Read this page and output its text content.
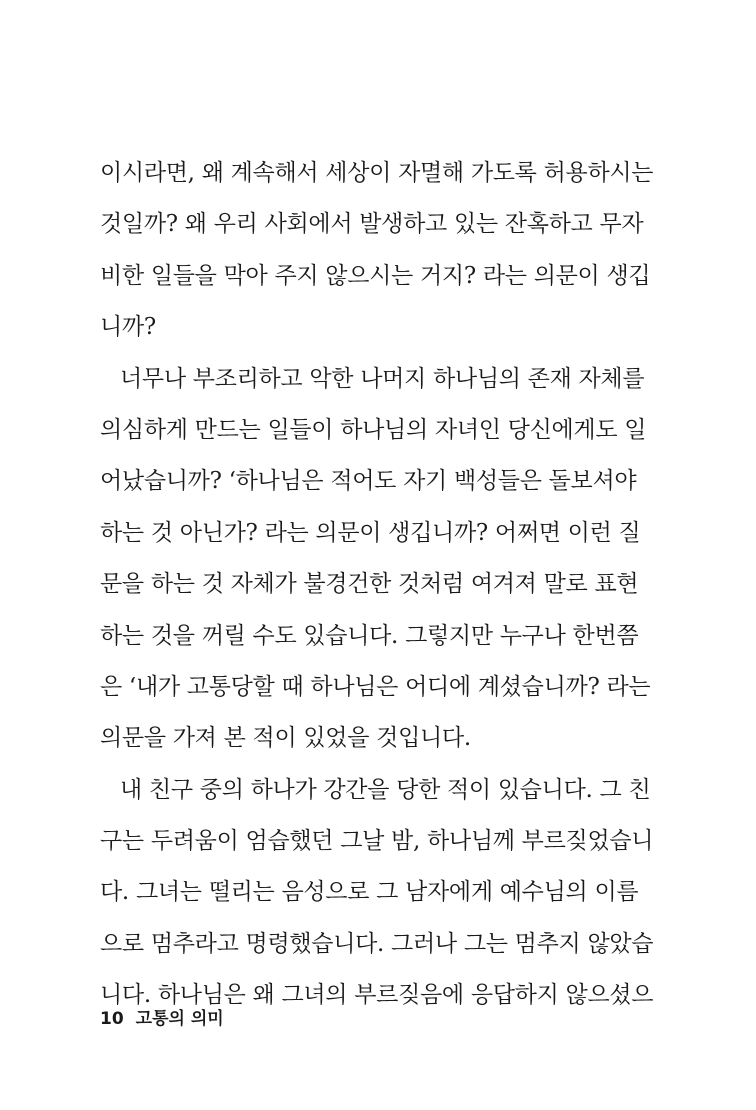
이시라면, 왜 계속해서 세상이 자멸해 가도록 허용하시는
것일까? 왜 우리 사회에서 발생하고 있는 잔혹하고 무자
비한 일들을 막아 주지 않으시는 거지? 라는 의문이 생깁
니까?
너무나 부조리하고 악한 나머지 하나님의 존재 자체를
의심하게 만드는 일들이 하나님의 자녀인 당신에게도 일
어났습니까? ‘하나님은 적어도 자기 백성들은 돌보셔야
하는 것 아닌가? 라는 의문이 생깁니까? 어쩌면 이런 질
문을 하는 것 자체가 불경건한 것처럼 여겨져 말로 표현
하는 것을 꺼릴 수도 있습니다. 그렇지만 누구나 한번쯤
은 ‘내가 고통당할 때 하나님은 어디에 계셨습니까? 라는
의문을 가져 본 적이 있었을 것입니다.
내 친구 중의 하나가 강간을 당한 적이 있습니다. 그 친
구는 두려움이 엄습했던 그날 밤, 하나님께 부르짖었습니
다. 그녀는 떨리는 음성으로 그 남자에게 예수님의 이름
으로 멈추라고 명령했습니다. 그러나 그는 멈추지 않았습
니다. 하나님은 왜 그녀의 부르짖음에 응답하지 않으셨으
10 고통의 의미
